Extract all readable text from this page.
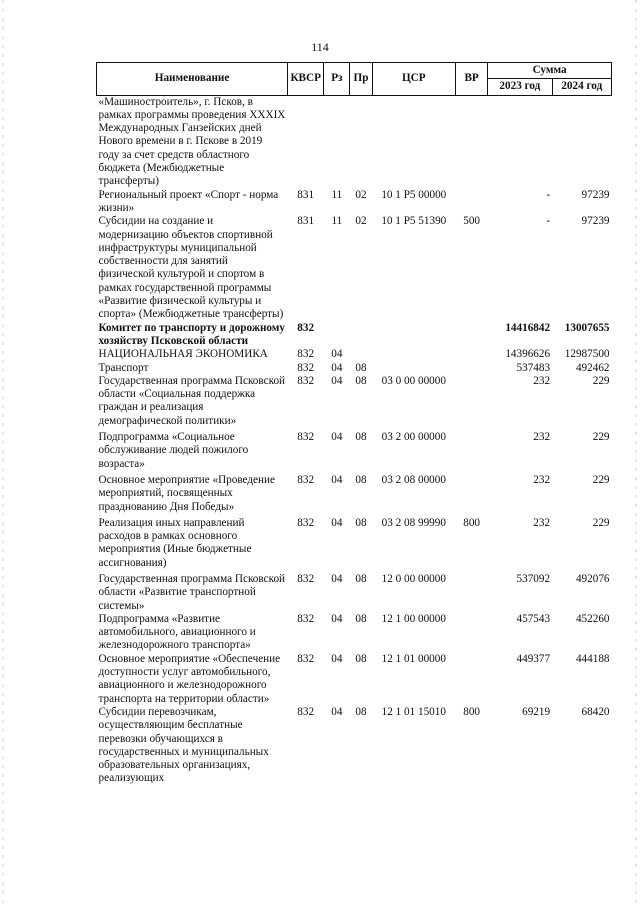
114
Наименование	КВСР	Рз	Пр	ЦСР	ВР	Сумма	
						2023 год	2024 год
«Машиностроитель», г. Псков, в рамках программы проведения XXXIX Международных Ганзейских дней Нового времени в г. Пскове в 2019 году за счет средств областного бюджета (Межбюджетные трансферты)							
Региональный проект «Спорт - норма жизни»	831	11	02	10 1 Р5 00000		-	97239
Субсидии на создание и модернизацию объектов спортивной инфраструктуры муниципальной собственности для занятий физической культурой и спортом в рамках государственной программы «Развитие физической культуры и спорта» (Межбюджетные трансферты)	831	11	02	10 1 Р5 51390	500	-	97239
Комитет по транспорту и дорожному хозяйству Псковской области	832					14416842	13007655
НАЦИОНАЛЬНАЯ ЭКОНОМИКА	832	04				14396626	12987500
Транспорт	832	04	08			537483	492462
Государственная программа Псковской области «Социальная поддержка граждан и реализация демографической политики»	832	04	08	03 0 00 00000		232	229
Подпрограмма «Социальное обслуживание людей пожилого возраста»	832	04	08	03 2 00 00000		232	229
Основное мероприятие «Проведение мероприятий, посвященных празднованию Дня Победы»	832	04	08	03 2 08 00000		232	229
Реализация иных направлений расходов в рамках основного мероприятия (Иные бюджетные ассигнования)	832	04	08	03 2 08 99990	800	232	229
Государственная программа Псковской области «Развитие транспортной системы»	832	04	08	12 0 00 00000		537092	492076
Подпрограмма «Развитие автомобильного, авиационного и железнодорожного транспорта»	832	04	08	12 1 00 00000		457543	452260
Основное мероприятие «Обеспечение доступности услуг автомобильного, авиационного и железнодорожного транспорта на территории области»	832	04	08	12 1 01 00000		449377	444188
Субсидии перевозчикам, осуществляющим бесплатные перевозки обучающихся в государственных и муниципальных образовательных организациях, реализующих	832	04	08	12 1 01 15010	800	69219	68420
